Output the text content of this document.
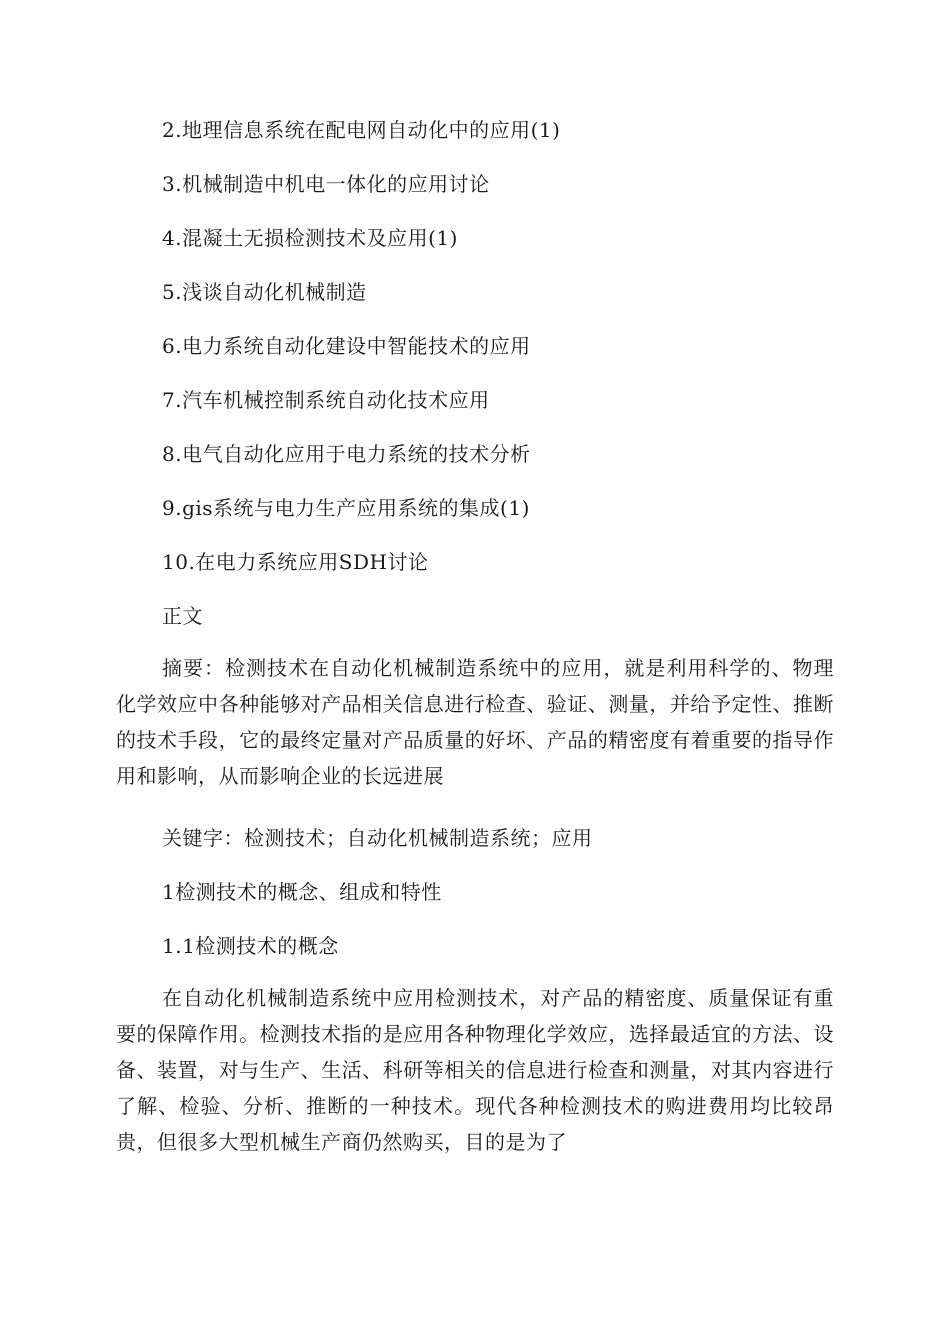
2.地理信息系统在配电网自动化中的应用(1)
3.机械制造中机电一体化的应用讨论
4.混凝土无损检测技术及应用(1)
5.浅谈自动化机械制造
6.电力系统自动化建设中智能技术的应用
7.汽车机械控制系统自动化技术应用
8.电气自动化应用于电力系统的技术分析
9.gis系统与电力生产应用系统的集成(1)
10.在电力系统应用SDH讨论
正文

摘要：检测技术在自动化机械制造系统中的应用，就是利用科学的、物理化学效应中各种能够对产品相关信息进行检查、验证、测量，并给予定性、推断的技术手段，它的最终定量对产品质量的好坏、产品的精密度有着重要的指导作用和影响，从而影响企业的长远进展

关键字：检测技术；自动化机械制造系统；应用
1检测技术的概念、组成和特性
1.1检测技术的概念

在自动化机械制造系统中应用检测技术，对产品的精密度、质量保证有重要的保障作用。检测技术指的是应用各种物理化学效应，选择最适宜的方法、设备、装置，对与生产、生活、科研等相关的信息进行检查和测量，对其内容进行了解、检验、分析、推断的一种技术。现代各种检测技术的购进费用均比较昂贵，但很多大型机械生产商仍然购买，目的是为了
